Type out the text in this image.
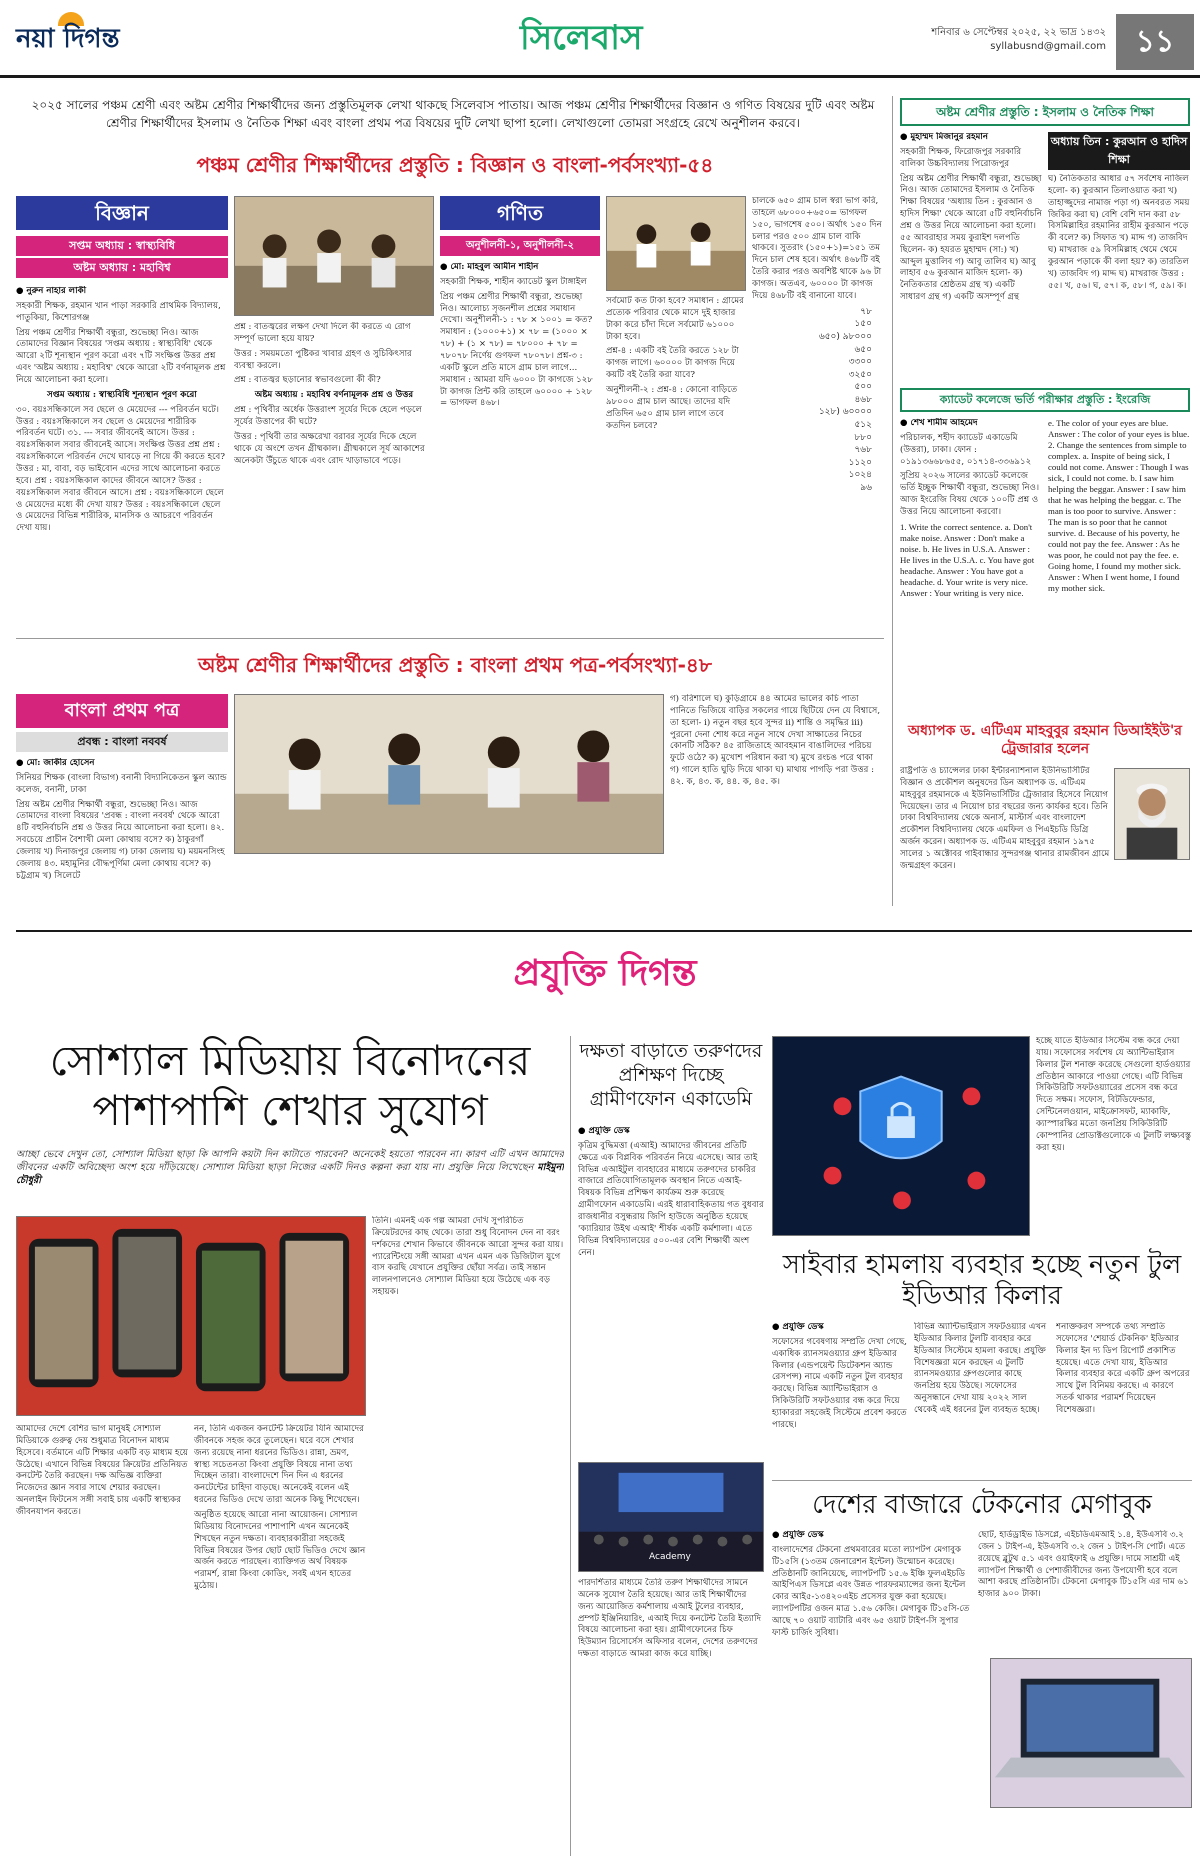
নয়া দিগন্ত	সিলেবাস	শনিবার ৬ সেপ্টেম্বর ২০২৫, ২২ ভাদ্র ১৪৩২
syllabusnd@gmail.com ১১
২০২৫ সালের পঞ্চম শ্রেণী এবং অষ্টম শ্রেণীর শিক্ষার্থীদের জন্য প্রস্তুতিমূলক লেখা থাকছে সিলেবাস পাতায়। আজ পঞ্চম শ্রেণীর শিক্ষার্থীদের বিজ্ঞান ও গণিত বিষয়ের দুটি এবং অষ্টম শ্রেণীর শিক্ষার্থীদের ইসলাম ও নৈতিক শিক্ষা এবং বাংলা প্রথম পত্র বিষয়ের দুটি লেখা ছাপা হলো। লেখাগুলো তোমরা সংগ্রহে রেখে অনুশীলন করবে।
পঞ্চম শ্রেণীর শিক্ষার্থীদের প্রস্তুতি : বিজ্ঞান ও বাংলা-পর্বসংখ্যা-৫৪
বিজ্ঞান
সপ্তম অধ্যায় : স্বাস্থ্যবিধি
অষ্টম অধ্যায় : মহাবিশ্ব

● নুরুন নাহার লাকী

সহকারী শিক্ষক, রহমান খান পাড়া সরকারি প্রাথমিক বিদ্যালয়, পাতুকিয়া, কিশোরগঞ্জ

প্রিয় পঞ্চম শ্রেণীর শিক্ষার্থী বন্ধুরা, শুভেচ্ছা নিও। আজ তোমাদের বিজ্ঞান বিষয়ের 'সপ্তম অধ্যায় : স্বাস্থ্যবিধি' থেকে আরো ২টি শূন্যস্থান পূরণ করো এবং ৭টি সংক্ষিপ্ত উত্তর প্রশ্ন এবং 'অষ্টম অধ্যায় : মহাবিশ্ব' থেকে আরো ২টি বর্ণনামূলক প্রশ্ন নিয়ে আলোচনা করা হলো।

সপ্তম অধ্যায় : স্বাস্থ্যবিধি শূন্যস্থান পূরণ করো

৩০. বয়ঃসন্ধিকালে সব ছেলে ও মেয়েদের --- পরিবর্তন ঘটে। উত্তর : বয়ঃসন্ধিকালে সব ছেলে ও মেয়েদের শারীরিক পরিবর্তন ঘটে। ৩১. --- সবার জীবনেই আসে। উত্তর : বয়ঃসন্ধিকাল সবার জীবনেই আসে। সংক্ষিপ্ত উত্তর প্রশ্ন প্রশ্ন : বয়ঃসন্ধিকালে পরিবর্তন দেখে ঘাবড়ে না গিয়ে কী করতে হবে? উত্তর : মা, বাবা, বড় ভাইবোন এদের সাথে আলোচনা করতে হবে। প্রশ্ন : বয়ঃসন্ধিকাল কাদের জীবনে আসে? উত্তর : বয়ঃসন্ধিকাল সবার জীবনে আসে। প্রশ্ন : বয়ঃসন্ধিকালে ছেলে ও মেয়েদের মধ্যে কী দেখা যায়? উত্তর : বয়ঃসন্ধিকালে ছেলে ও মেয়েদের বিভিন্ন শারীরিক, মানসিক ও আচরণে পরিবর্তন দেখা যায়।

প্রশ্ন : বাতজ্বরের লক্ষণ দেখা দিলে কী করতে এ রোগ সম্পূর্ণ ভালো হয়ে যায়?

উত্তর : সময়মতো পুষ্টিকর খাবার গ্রহণ ও সুচিকিৎসার ব্যবস্থা করলে।

প্রশ্ন : বাতজ্বর ছড়ানোর স্বভাবগুলো কী কী?

অষ্টম অধ্যায় : মহাবিশ্ব বর্ণনামূলক প্রশ্ন ও উত্তর

প্রশ্ন : পৃথিবীর অর্ধেক উত্তরাংশ সূর্যের দিকে হেলে পড়লে সূর্যের উত্তাপের কী ঘটে?

উত্তর : পৃথিবী তার অক্ষরেখা বরাবর সূর্যের দিকে হেলে থাকে যে অংশে তখন গ্রীষ্মকাল। গ্রীষ্মকালে সূর্য আকাশের অনেকটা উঁচুতে থাকে এবং রোদ খাড়াভাবে পড়ে।

গণিত
অনুশীলনী-১, অনুশীলনী-২

● মো: মাহবুল আমীন শাহীন

সহকারী শিক্ষক, শাহীন ক্যাডেট স্কুল টাঙ্গাইল

প্রিয় পঞ্চম শ্রেণীর শিক্ষার্থী বন্ধুরা, শুভেচ্ছা নিও। আলোচ্য সৃজনশীল প্রশ্নের সমাধান দেখো। অনুশীলনী-১ : ৭৮ × ১০০১ = কত? সমাধান : (১০০০+১) × ৭৮ = (১০০০ × ৭৮) + (১ × ৭৮) = ৭৮০০০ + ৭৮ = ৭৮০৭৮ নির্ণেয় গুণফল ৭৮০৭৮। প্রশ্ন-৩ : একটি স্কুলে প্রতি মাসে গ্রাম চাল লাগে... সমাধান : আমরা যদি ৬০০০ টা কাগজে ১২৮ টা কাগজ প্রিন্ট করি তাহলে ৬০০০০ ÷ ১২৮ = ভাগফল ৪৬৮।

সর্বমোট কত টাকা হবে? সমাধান : গ্রামের প্রত্যেক পরিবার থেকে মাসে দুই হাজার টাকা করে চাঁদা দিলে সর্বমোট ৬১০০০ টাকা হবে।

প্রশ্ন-৪ : একটি বই তৈরি করতে ১২৮ টা কাগজ লাগে। ৬০০০০ টা কাগজ দিয়ে কয়টি বই তৈরি করা যাবে?

অনুশীলনী-২ : প্রশ্ন-৪ : কোনো বাড়িতে ৯৮০০০ গ্রাম চাল আছে। তাদের যদি প্রতিদিন ৬৫০ গ্রাম চাল লাগে তবে কতদিন চলবে?

চালকে ৬৫০ গ্রাম চাল স্বরা ভাগ করি, তাহলে ৬৮০০০÷৬৫০= ভাগফল ১৫০, ভাগশেষ ৫০০। অর্থাৎ ১৫০ দিন চলার পরও ৫০০ গ্রাম চাল বাকি থাকবে। সুতরাং (১৫০+১)=১৫১ তম দিনে চাল শেষ হবে। অর্থাৎ ৪৬৮টি বই তৈরি করার পরও অবশিষ্ট থাকে ৯৬ টা কাগজ। অতএব, ৬০০০০ টা কাগজ দিয়ে ৪৬৮টি বই বানানো যাবে।

৭৮
১৫০
৬৫০) ৯৮০০০
৬৫০
৩৩০০
৩২৫০
৫০০
৪৬৮
১২৮) ৬০০০০
৫১২
৮৮০
৭৬৮
১১২০
১০২৪
৯৬
অষ্টম শ্রেণীর প্রস্তুতি : ইসলাম ও নৈতিক শিক্ষা

● মুহাম্মদ মিজানুর রহমান

সহকারী শিক্ষক, ফিরোজপুর সরকারি বালিকা উচ্চবিদ্যালয় পিরোজপুর

প্রিয় অষ্টম শ্রেণীর শিক্ষার্থী বন্ধুরা, শুভেচ্ছা নিও। আজ তোমাদের ইসলাম ও নৈতিক শিক্ষা বিষয়ের 'অধ্যায় তিন : কুরআন ও হাদিস শিক্ষা' থেকে আরো ৫টি বহুনির্বাচনি প্রশ্ন ও উত্তর নিয়ে আলোচনা করা হলো। ৫৫ আবরাহার সময় কুরাইশ দলপতি ছিলেন- ক) হযরত মুহাম্মদ (সা:) খ) আব্দুল মুত্তালিব গ) আবু তালিব ঘ) আবু লাহাব ৫৬ কুরআন মাজিদ হলো- ক) নৈতিকতার শ্রেষ্ঠতম গ্রন্থ খ) একটি সাধারণ গ্রন্থ গ) একটি অসম্পূর্ণ গ্রন্থ

অধ্যায় তিন : কুরআন ও হাদিস শিক্ষা
ঘ) নৈতিকতার আধার ৫৭ সর্বশেষ নাজিল হলো- ক) কুরআন তিলাওয়াত করা খ) তাহাজ্জুদের নামাজ পড়া গ) অনবরত সময় জিকির করা ঘ) বেশি বেশি দান করা ৫৮ বিসমিল্লাহির রহমানির রাহীম কুরআন পড়ে কী বলে? ক) সিফাত খ) মাদ্দ গ) তাজবিদ ঘ) মাখরাজ ৫৯ বিসমিল্লাহ থেমে থেমে কুরআন পড়াকে কী বলা হয়? ক) তারতিল খ) তাজবিদ গ) মাদ্দ ঘ) মাখরাজ উত্তর : ৫৫। খ, ৫৬। ঘ, ৫৭। ক, ৫৮। গ, ৫৯। ক।
ক্যাডেট কলেজে ভর্তি পরীক্ষার প্রস্তুতি : ইংরেজি

● শেখ শামীম আহমেদ

পরিচালক, শহীদ ক্যাডেট একাডেমি (উত্তরা), ঢাকা। ফোন : ০১৯১৩৬৬৮৬৫৫, ০১৭১৪-৩৩৬৯১২

সুপ্রিয় ২০২৬ সালের ক্যাডেট কলেজে ভর্তি ইচ্ছুক শিক্ষার্থী বন্ধুরা, শুভেচ্ছা নিও। আজ ইংরেজি বিষয় থেকে ১০০টি প্রশ্ন ও উত্তর নিয়ে আলোচনা করবো।

1. Write the correct sentence. a. Don't make noise. Answer : Don't make a noise. b. He lives in U.S.A. Answer : He lives in the U.S.A. c. You have got headache. Answer : You have got a headache. d. Your write is very nice. Answer : Your writing is very nice.

e. The color of your eyes are blue. Answer : The color of your eyes is blue. 2. Change the sentences from simple to complex. a. Inspite of being sick, I could not come. Answer : Though I was sick, I could not come. b. I saw him helping the beggar. Answer : I saw him that he was helping the beggar. c. The man is too poor to survive. Answer : The man is so poor that he cannot survive. d. Because of his poverty, he could not pay the fee. Answer : As he was poor, he could not pay the fee. e. Going home, I found my mother sick. Answer : When I went home, I found my mother sick.
অধ্যাপক ড. এটিএম মাহবুবুর রহমান ডিআইইউ'র ট্রেজারার হলেন
রাষ্ট্রপতি ও চ্যান্সেলর ঢাকা ইন্টারন্যাশনাল ইউনিভার্সিটির বিজ্ঞান ও প্রকৌশল অনুষদের ডিন অধ্যাপক ড. এটিএম মাহবুবুর রহমানকে এ ইউনিভার্সিটির ট্রেজারার হিসেবে নিয়োগ দিয়েছেন। তার এ নিয়োগ চার বছরের জন্য কার্যকর হবে। তিনি ঢাকা বিশ্ববিদ্যালয় থেকে অনার্স, মাস্টার্স এবং বাংলাদেশ প্রকৌশল বিশ্ববিদ্যালয় থেকে এমফিল ও পিএইচডি ডিগ্রি অর্জন করেন। অধ্যাপক ড. এটিএম মাহবুবুর রহমান ১৯৭৫ সালের ১ অক্টোবর গাইবান্ধার সুন্দরগঞ্জ থানার রামজীবন গ্রামে জন্মগ্রহণ করেন।
অষ্টম শ্রেণীর শিক্ষার্থীদের প্রস্তুতি : বাংলা প্রথম পত্র-পর্বসংখ্যা-৪৮
বাংলা প্রথম পত্র
প্রবন্ধ : বাংলা নববর্ষ

● মো: জাকীর হোসেন

সিনিয়র শিক্ষক (বাংলা বিভাগ) বনানী বিদ্যানিকেতন স্কুল অ্যান্ড কলেজ, বনানী, ঢাকা

প্রিয় অষ্টম শ্রেণীর শিক্ষার্থী বন্ধুরা, শুভেচ্ছা নিও। আজ তোমাদের বাংলা বিষয়ের 'প্রবন্ধ : বাংলা নববর্ষ' থেকে আরো ৪টি বহুনির্বাচনি প্রশ্ন ও উত্তর নিয়ে আলোচনা করা হলো। ৪২. সবচেয়ে প্রাচীন বৈশাখী মেলা কোথায় বসে? ক) ঠাকুরগাঁ জেলায় খ) দিনাজপুর জেলায় গ) ঢাকা জেলায় ঘ) ময়মনসিংহ জেলায় ৪৩. মহামুনির বৌদ্ধপূর্ণিমা মেলা কোথায় বসে? ক) চট্টগ্রাম খ) সিলেটে

গ) বরিশালে ঘ) কুড়িগ্রামে ৪৪ আমের ভালের কচি পাতা পানিতে ভিজিয়ে বাড়ির সকলের গায়ে ছিটিয়ে দেন যে বিশ্বাসে, তা হলো- i) নতুন বছর হবে সুন্দর ii) শান্তি ও সমৃদ্ধির iii) পুরনো দেনা শোধ করে নতুন সাথে দেখা সাক্ষাতের নিচের কোনটি সঠিক? ৪৫ রাজিতাহে আবহমান বাঙালিদের পরিচয় ফুটে ওঠে? ক) মুখোশ পরিধান করা খ) মুখে রংচঙ পরে থাকা গ) গালে হাতি ঘুড়ি দিয়ে থাকা ঘ) মাথায় পাগড়ি পরা উত্তর : ৪২. ক, ৪৩. ক, ৪৪. ক, ৪৫. ক।
প্রযুক্তি দিগন্ত
সোশ্যাল মিডিয়ায় বিনোদনের পাশাপাশি শেখার সুযোগ
আচ্ছা ভেবে দেখুন তো, সোশ্যাল মিডিয়া ছাড়া কি আপনি কয়টা দিন কাটাতে পারবেন? অনেকেই হয়তো পারবেন না। কারণ এটি এখন আমাদের জীবনের একটি অবিচ্ছেদ্য অংশ হয়ে দাঁড়িয়েছে। সোশ্যাল মিডিয়া ছাড়া নিজের একটি দিনও কল্পনা করা যায় না। প্রযুক্তি নিয়ে লিখেছেন মাইমুনা চৌধুরী
তিনি। এমনই এক গল্প আমরা দেখি সুপরিচিত ক্রিয়েটরদের কাছ থেকে। তারা শুধু বিনোদন দেন না বরং দর্শকদের শেখান কিভাবে জীবনকে আরো সুন্দর করা যায়। প্যারেন্টিংয়ে সঙ্গী আমরা এখন এমন এক ডিজিটাল যুগে বাস করছি যেখানে প্রযুক্তির ছোঁয়া সর্বত্র। তাই সন্তান লালনপালনেও সোশ্যাল মিডিয়া হয়ে উঠেছে এক বড় সহায়ক।

আমাদের দেশে বেশির ভাগ মানুষই সোশ্যাল মিডিয়াকে গুরুত্ব দেয় শুধুমাত্র বিনোদন মাধ্যম হিসেবে। বর্তমানে এটি শিক্ষার একটি বড় মাধ্যম হয়ে উঠেছে। এখানে বিভিন্ন বিষয়ের ক্রিয়েটর প্রতিনিয়ত কনটেন্ট তৈরি করছেন। দক্ষ অভিজ্ঞ ব্যক্তিরা নিজেদের জ্ঞান সবার সাথে শেয়ার করছেন। অনলাইন ফিটনেস সঙ্গী সবাই চায় একটি স্বাস্থ্যকর জীবনযাপন করতে।

নন, তিনি একজন কনটেন্ট ক্রিয়েটর যিনি আমাদের জীবনকে সহজ করে তুলেছেন। ঘরে বসে শেখার জন্য রয়েছে নানা ধরনের ভিডিও। রান্না, ভ্রমণ, স্বাস্থ্য সচেতনতা কিংবা প্রযুক্তি বিষয়ে নানা তথ্য দিচ্ছেন তারা। বাংলাদেশে দিন দিন এ ধরনের কনটেন্টের চাহিদা বাড়ছে। অনেকেই বলেন এই ধরনের ভিডিও দেখে তারা অনেক কিছু শিখেছেন।

অনুষ্ঠিত হয়েছে আরো নানা আয়োজন। সোশ্যাল মিডিয়ায় বিনোদনের পাশাপাশি এখন অনেকেই শিখছেন নতুন দক্ষতা। ব্যবহারকারীরা সহজেই বিভিন্ন বিষয়ের উপর ছোট ছোট ভিডিও দেখে জ্ঞান অর্জন করতে পারছেন। ব্যাক্তিগত অর্থ বিষয়ক পরামর্শ, রান্না কিংবা কোডিং, সবই এখন হাতের মুঠোয়।

দক্ষতা বাড়াতে তরুণদের প্রশিক্ষণ দিচ্ছে গ্রামীণফোন একাডেমি

● প্রযুক্তি ডেস্ক

কৃত্রিম বুদ্ধিমত্তা (এআই) আমাদের জীবনের প্রতিটি ক্ষেত্রে এক বিপ্লবিক পরিবর্তন নিয়ে এসেছে। আর তাই বিভিন্ন এআইটুল ব্যবহারের মাধ্যমে তরুণদের চাকরির বাজারে প্রতিযোগিতামূলক অবস্থান নিতে এআই-বিষয়ক বিভিন্ন প্রশিক্ষণ কার্যক্রম শুরু করেছে গ্রামীণফোন একাডেমি। এরই ধারাবাহিকতায় গত বুধবার রাজধানীর বসুন্ধরায় জিপি হাউজে অনুষ্ঠিত হয়েছে 'ক্যারিয়ার উইথ এআই' শীর্ষক একটি কর্মশালা। এতে বিভিন্ন বিশ্ববিদ্যালয়ের ৫০০-এর বেশি শিক্ষার্থী অংশ নেন।

Academy
পারদর্শিতার মাধ্যমে তৈরি তরুণ শিক্ষার্থীদের সামনে অনেক সুযোগ তৈরি হয়েছে। আর তাই শিক্ষার্থীদের জন্য আয়োজিত কর্মশালায় এআই টুলের ব্যবহার, প্রম্পট ইঞ্জিনিয়ারিং, এআই দিয়ে কনটেন্ট তৈরি ইত্যাদি বিষয়ে আলোচনা করা হয়। গ্রামীণফোনের চিফ হিউম্যান রিসোর্সেস অফিসার বলেন, দেশের তরুণদের দক্ষতা বাড়াতে আমরা কাজ করে যাচ্ছি।
হচ্ছে যাতে ইডিআর সিস্টেম বন্ধ করে দেয়া যায়। সফোসের সর্বশেষ যে অ্যান্টিভাইরাস কিলার টুল শনাক্ত করেছে সেগুলো হার্ডওয়্যার প্রতিষ্ঠান আকারে পাওয়া গেছে। এটি বিভিন্ন সিকিউরিটি সফটওয়্যারের প্রসেস বন্ধ করে দিতে সক্ষম। সফোস, বিটডিফেন্ডার, সেন্টিনেলওয়ান, মাইক্রোসফট, ম্যাকাফি, ক্যাস্পারস্কির মতো জনপ্রিয় সিকিউরিটি কোম্পানির প্রোডাক্টগুলোকে এ টুলটি লক্ষ্যবস্তু করা হয়।
সাইবার হামলায় ব্যবহার হচ্ছে নতুন টুল ইডিআর কিলার

● প্রযুক্তি ডেস্ক

সফোসের গবেষণায় সম্প্রতি দেখা গেছে, একাধিক র‍্যানসমওয়্যার গ্রুপ ইডিআর কিলার (এন্ডপয়েন্ট ডিটেকশন অ্যান্ড রেসপন্স) নামে একটি নতুন টুল ব্যবহার করছে। বিভিন্ন অ্যান্টিভাইরাস ও সিকিউরিটি সফটওয়্যার বন্ধ করে দিয়ে হ্যাকাররা সহজেই সিস্টেমে প্রবেশ করতে পারছে।

বিভিন্ন অ্যান্টিভাইরাস সফটওয়্যার এখন ইডিআর কিলার টুলটি ব্যবহার করে ইডিআর সিস্টেমে হামলা করছে। প্রযুক্তি বিশেষজ্ঞরা মনে করছেন এ টুলটি র‍্যানসমওয়্যার গ্রুপগুলোর কাছে জনপ্রিয় হয়ে উঠছে। সফোসের অনুসন্ধানে দেখা যায় ২০২২ সাল থেকেই এই ধরনের টুল ব্যবহৃত হচ্ছে।
শনাক্তকরণ সম্পর্কে তথ্য সম্প্রতি সফোসের 'শেয়ার্ড টেকনিক' ইডিআর কিলার ইন দ্য ডিপ রিপোর্ট প্রকাশিত হয়েছে। এতে দেখা যায়, ইডিআর কিলার ব্যবহার করে একটি গ্রুপ অপরের সাথে টুল বিনিময় করছে। এ কারণে সতর্ক থাকার পরামর্শ দিয়েছেন বিশেষজ্ঞরা।
দেশের বাজারে টেকনোর মেগাবুক

● প্রযুক্তি ডেস্ক

বাংলাদেশের টেকনো প্রথমবারের মতো ল্যাপটপ মেগাবুক টি১৫সি (১৩তম জেনারেশন ইন্টেল) উন্মোচন করেছে। প্রতিষ্ঠানটি জানিয়েছে, ল্যাপটপটি ১৫.৬ ইঞ্চি ফুলএইচডি আইপিএস ডিসপ্লে এবং উন্নত পারফরম্যান্সের জন্য ইন্টেল কোর আই৫-১৩৪২০এইচ প্রসেসর যুক্ত করা হয়েছে। ল্যাপটপটির ওজন মাত্র ১.৫৬ কেজি। মেগাবুক টি১৫সি-তে আছে ৭০ ওয়াট ব্যাটারি এবং ৬৫ ওয়াট টাইপ-সি সুপার ফাস্ট চার্জিং সুবিধা।

ছোট, হার্ডড্রাইভ ডিসপ্লে, এইচডিএমআই ১.৪, ইউএসবি ৩.২ জেন ১ টাইপ-এ, ইউএসবি ৩.২ জেন ১ টাইপ-সি পোর্ট। এতে রয়েছে ব্লুটুথ ৫.১ এবং ওয়াইফাই ৬ প্রযুক্তি। দামে সাশ্রয়ী এই ল্যাপটপ শিক্ষার্থী ও পেশাজীবীদের জন্য উপযোগী হবে বলে আশা করছে প্রতিষ্ঠানটি। টেকনো মেগাবুক টি১৫সি এর দাম ৬১ হাজার ৯০০ টাকা।
